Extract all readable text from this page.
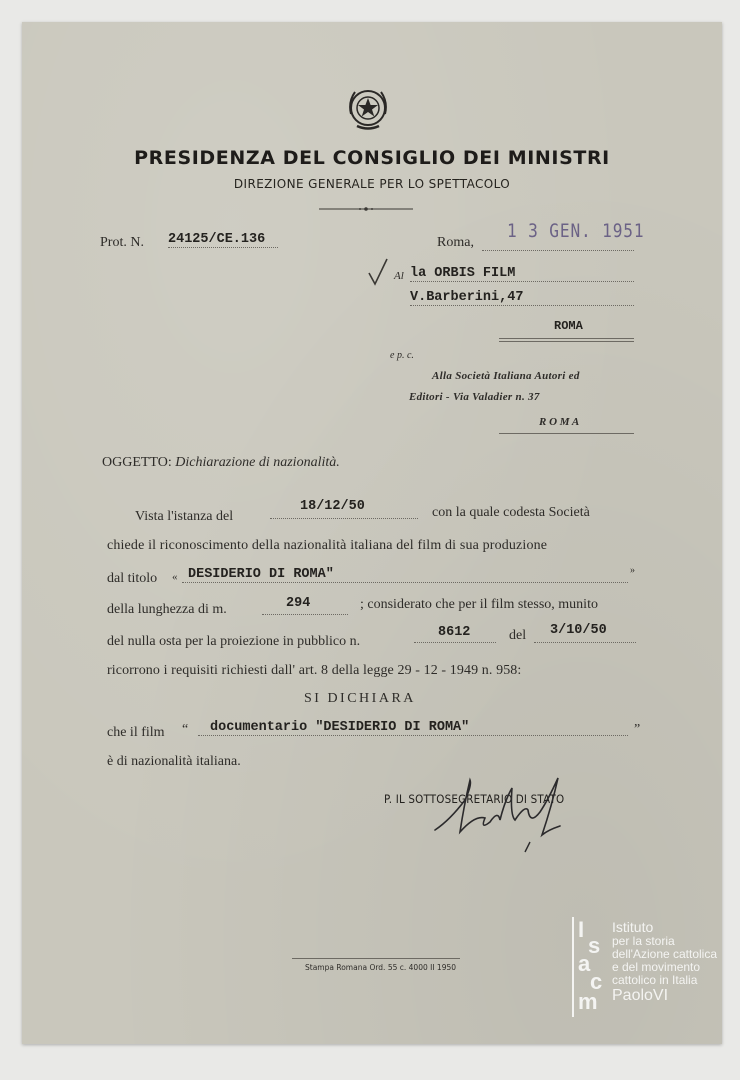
PRESIDENZA DEL CONSIGLIO DEI MINISTRI
DIREZIONE GENERALE PER LO SPETTACOLO
Prot. N. 24125/CE.136	Roma,
1 3 GEN. 1951
Al la ORBIS FILM
V.Barberini,47
ROMA
e p. c.
Alla Società Italiana Autori ed
Editori - Via Valadier n. 37
R O M A
OGGETTO: Dichiarazione di nazionalità.
Vista l'istanza del
18/12/50	con la quale codesta Società
chiede il riconoscimento della nazionalità italiana del film di sua produzione
dal titolo « DESIDERIO DI ROMA"	»
della lunghezza di m.	294	; considerato che per il film stesso, munito
del nulla osta per la proiezione in pubblico n.
8612	del 3/10/50
ricorrono i requisiti richiesti dall' art. 8 della legge 29 - 12 - 1949 n. 958:
SI DICHIARA
che il film “ documentario "DESIDERIO DI ROMA"	”
è di nazionalità italiana.
P. IL SOTTOSEGRETARIO DI STATO
Stampa Romana Ord. 55 c. 4000 II 1950
I
s
a
c
m
Istituto
per la storia
dell'Azione cattolica
e del movimento
cattolico in Italia
PaoloVI
